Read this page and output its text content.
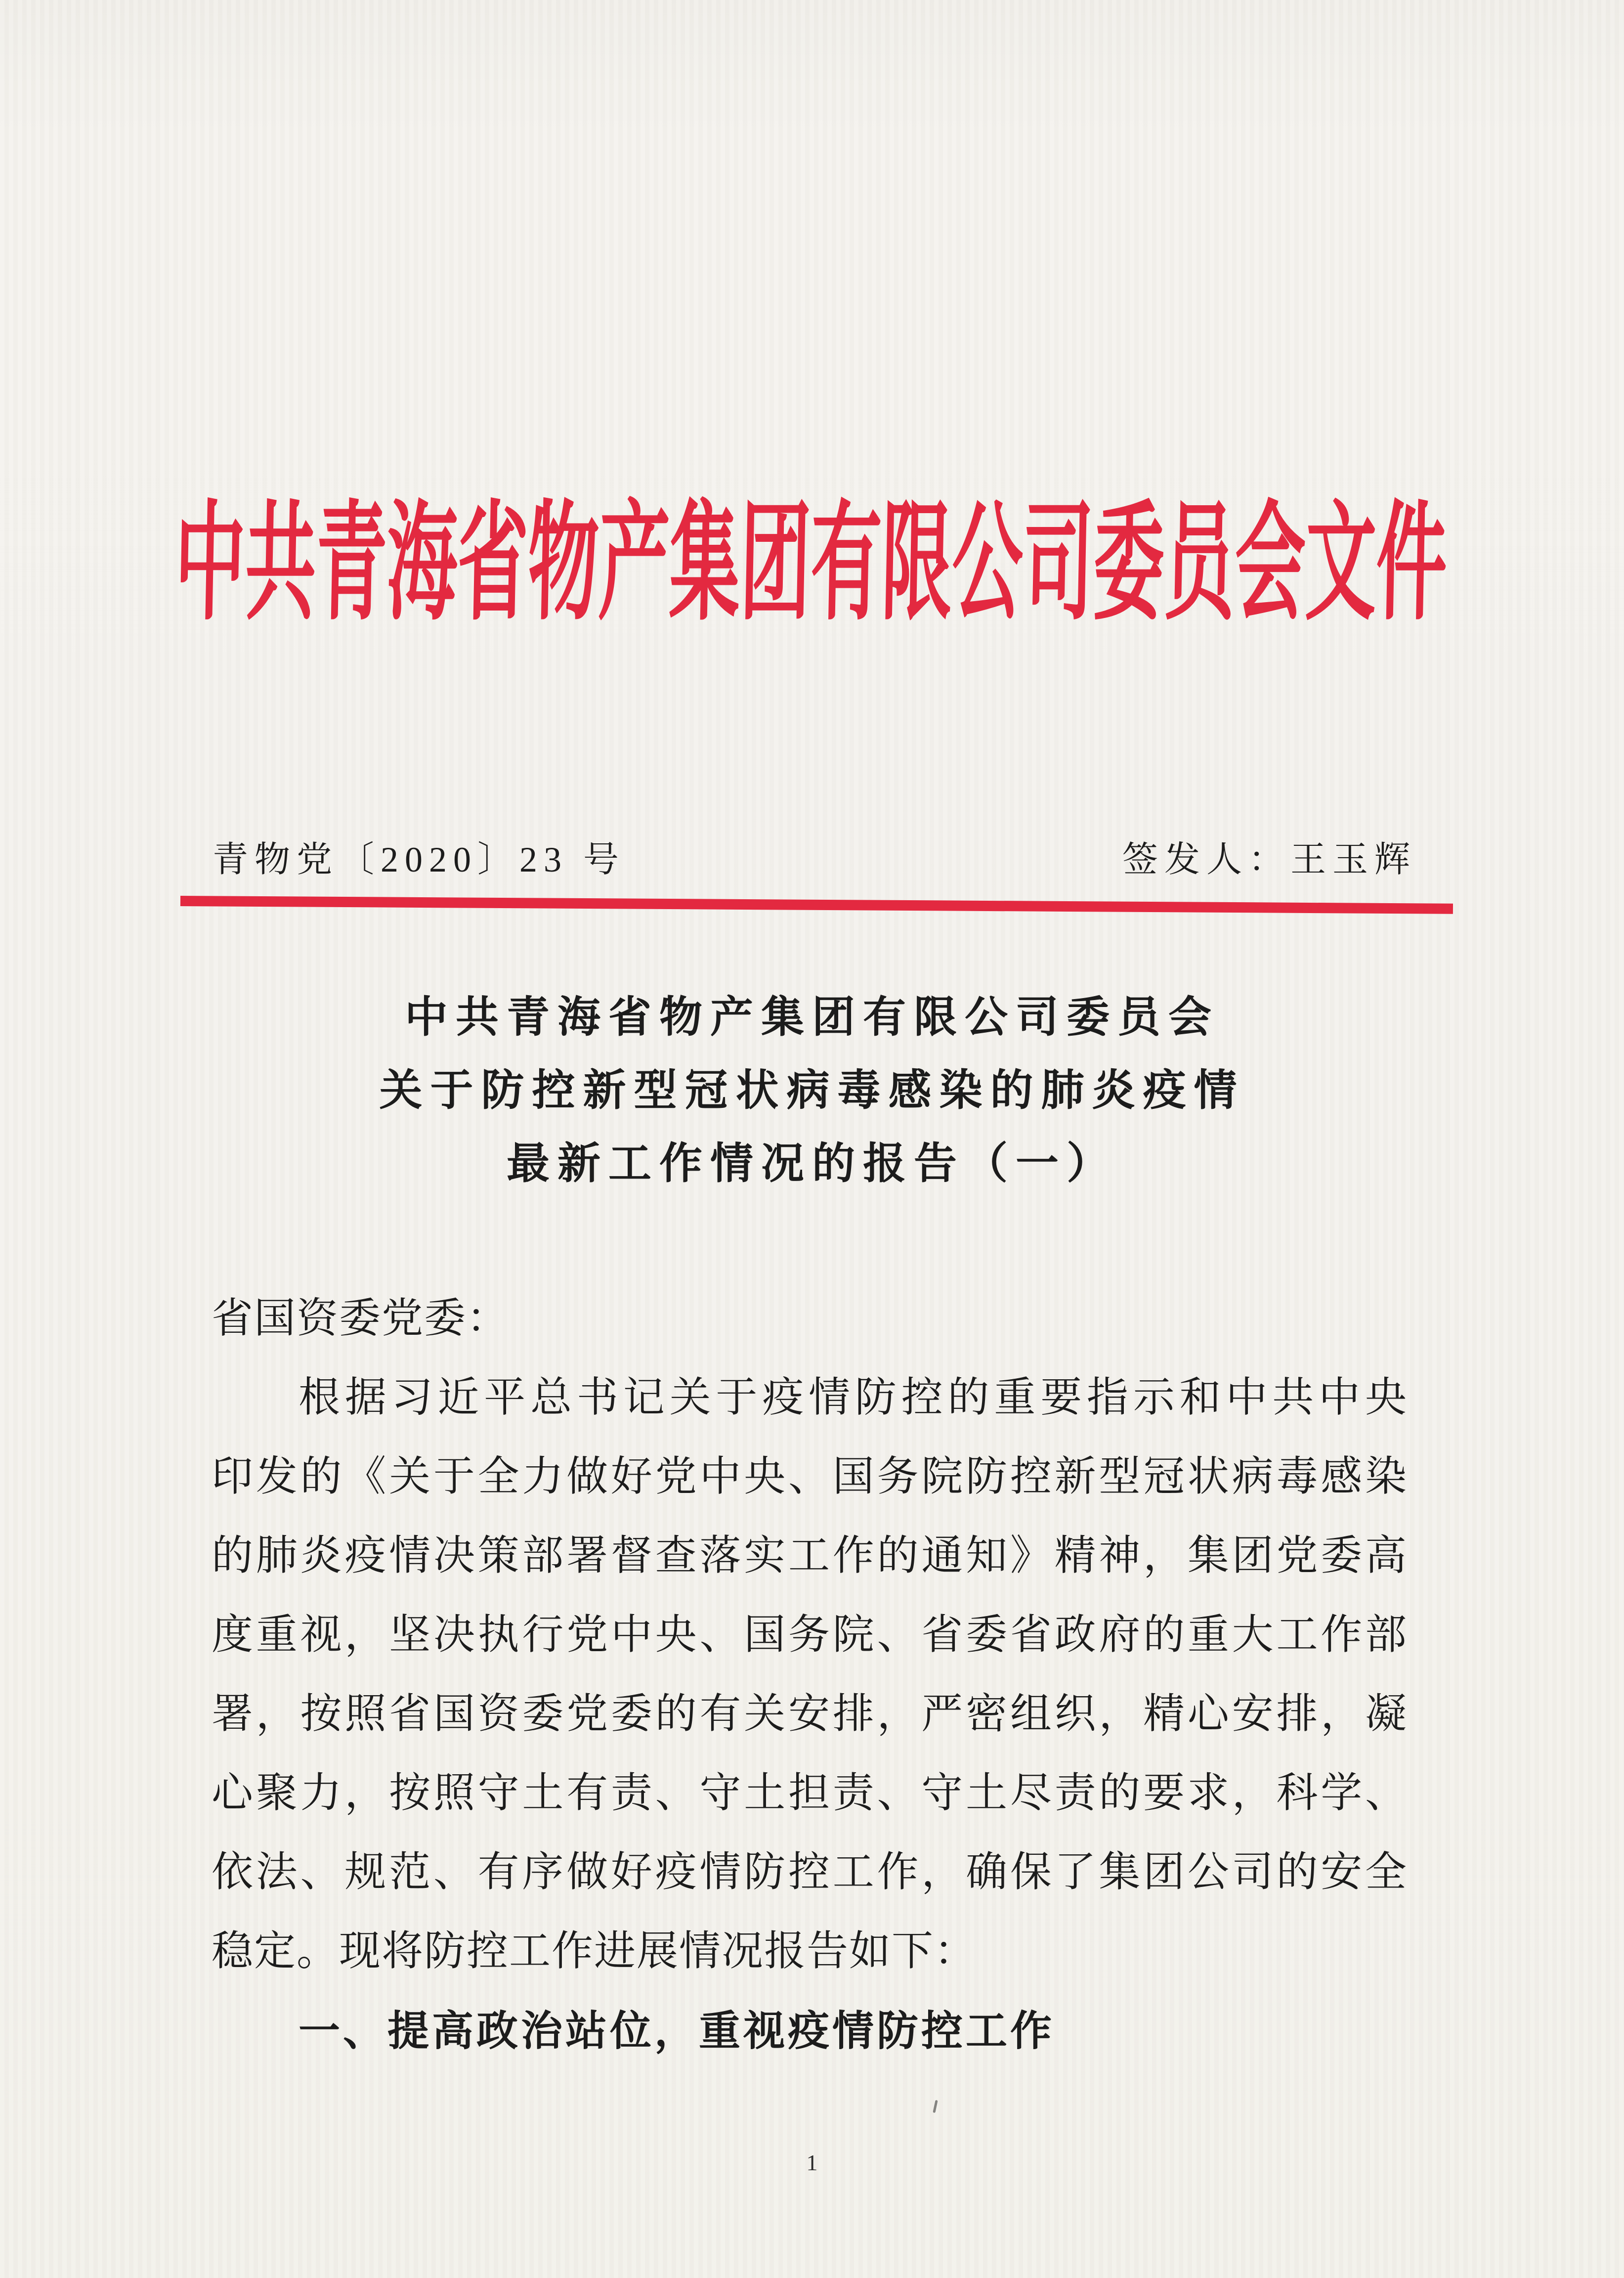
中共青海省物产集团有限公司委员会文件
青物党〔2020〕23 号	签发人：王玉辉
中共青海省物产集团有限公司委员会
关于防控新型冠状病毒感染的肺炎疫情
最新工作情况的报告（一）
省国资委党委：
根据习近平总书记关于疫情防控的重要指示和中共中央
印发的《关于全力做好党中央、国务院防控新型冠状病毒感染
的肺炎疫情决策部署督查落实工作的通知》精神，集团党委高
度重视，坚决执行党中央、国务院、省委省政府的重大工作部
署，按照省国资委党委的有关安排，严密组织，精心安排，凝
心聚力，按照守土有责、守土担责、守土尽责的要求，科学、
依法、规范、有序做好疫情防控工作，确保了集团公司的安全
稳定。现将防控工作进展情况报告如下：
一、提高政治站位，重视疫情防控工作
1
